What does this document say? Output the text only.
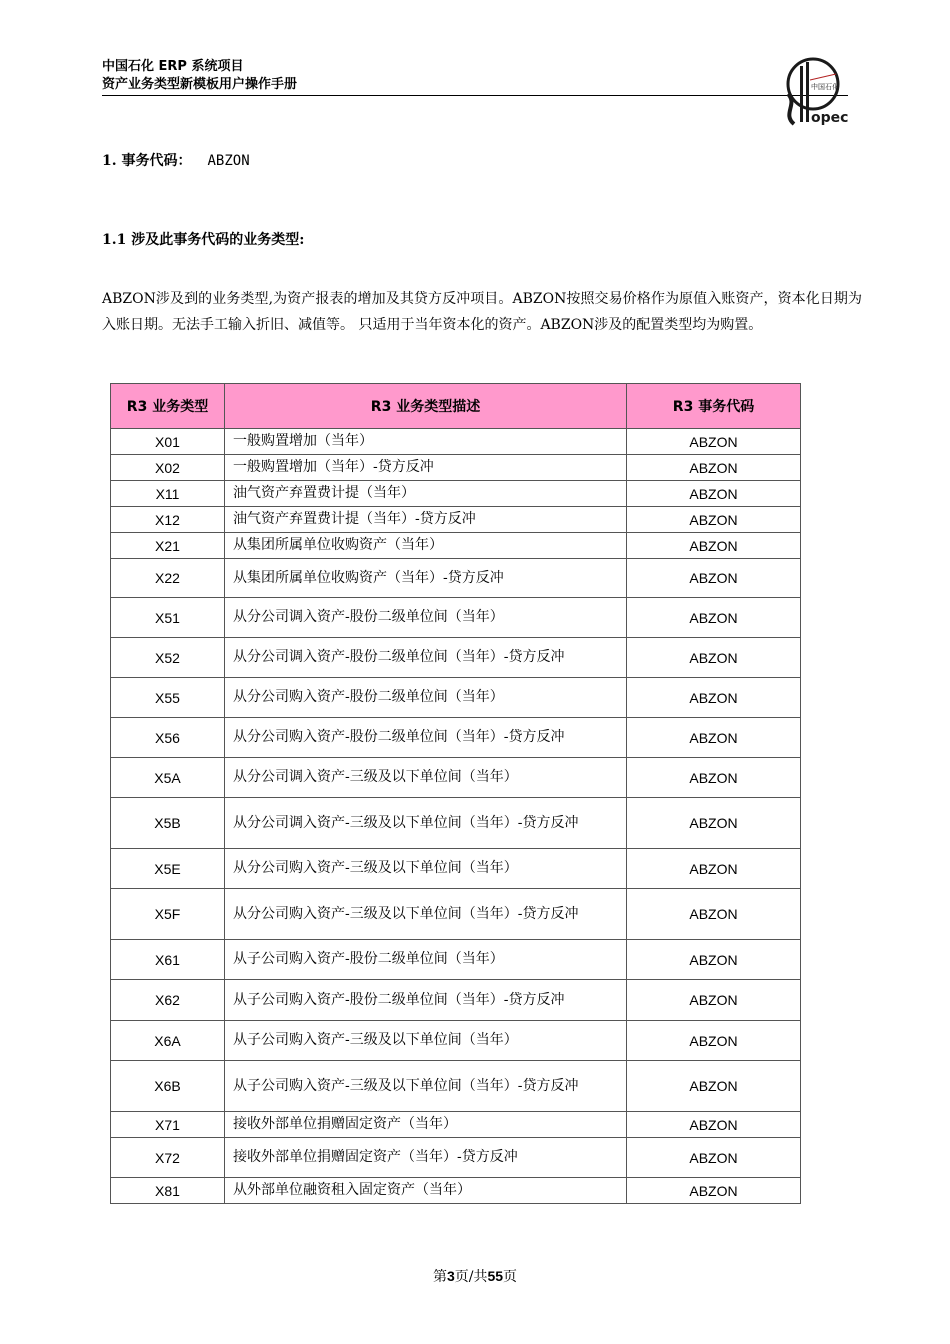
中国石化 ERP 系统项目
资产业务类型新模板用户操作手册	中国石化
opec
1. 事务代码： ABZON
1.1 涉及此事务代码的业务类型:
ABZON涉及到的业务类型,为资产报表的增加及其贷方反冲项目。ABZON按照交易价格作为原值入账资产，资本化日期为入账日期。无法手工输入折旧、减值等。 只适用于当年资本化的资产。ABZON涉及的配置类型均为购置。
R3 业务类型	R3 业务类型描述	R3 事务代码
X01	一般购置增加（当年）	ABZON
X02	一般购置增加（当年）-贷方反冲	ABZON
X11	油气资产弃置费计提（当年）	ABZON
X12	油气资产弃置费计提（当年）-贷方反冲	ABZON
X21	从集团所属单位收购资产（当年）	ABZON
X22	从集团所属单位收购资产（当年）-贷方反冲	ABZON
X51	从分公司调入资产-股份二级单位间（当年）	ABZON
X52	从分公司调入资产-股份二级单位间（当年）-贷方反冲	ABZON
X55	从分公司购入资产-股份二级单位间（当年）	ABZON
X56	从分公司购入资产-股份二级单位间（当年）-贷方反冲	ABZON
X5A	从分公司调入资产-三级及以下单位间（当年）	ABZON
X5B	从分公司调入资产-三级及以下单位间（当年）-贷方反冲	ABZON
X5E	从分公司购入资产-三级及以下单位间（当年）	ABZON
X5F	从分公司购入资产-三级及以下单位间（当年）-贷方反冲	ABZON
X61	从子公司购入资产-股份二级单位间（当年）	ABZON
X62	从子公司购入资产-股份二级单位间（当年）-贷方反冲	ABZON
X6A	从子公司购入资产-三级及以下单位间（当年）	ABZON
X6B	从子公司购入资产-三级及以下单位间（当年）-贷方反冲	ABZON
X71	接收外部单位捐赠固定资产（当年）	ABZON
X72	接收外部单位捐赠固定资产（当年）-贷方反冲	ABZON
X81	从外部单位融资租入固定资产（当年）	ABZON
第3页/共55页
